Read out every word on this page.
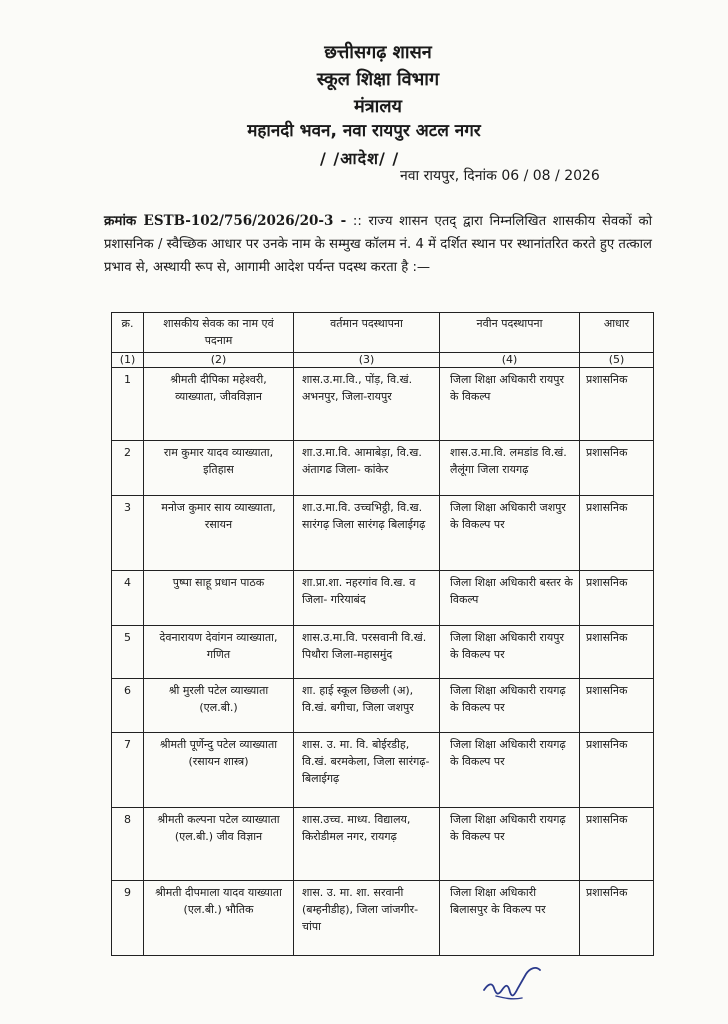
छत्तीसगढ़ शासन
स्कूल शिक्षा विभाग
मंत्रालय
महानदी भवन, नवा रायपुर अटल नगर
/ /आदेश/ /
नवा रायपुर, दिनांक 06 / 08 / 2026
क्रमांक ESTB-102/756/2026/20-3 - :: राज्य शासन एतद् द्वारा निम्नलिखित शासकीय सेवकों को प्रशासनिक / स्वैच्छिक आधार पर उनके नाम के सम्मुख कॉलम नं. 4 में दर्शित स्थान पर स्थानांतरित करते हुए तत्काल प्रभाव से, अस्थायी रूप से, आगामी आदेश पर्यन्त पदस्थ करता है :—
क्र.	शासकीय सेवक का नाम एवं पदनाम	वर्तमान पदस्थापना	नवीन पदस्थापना	आधार
(1)	(2)	(3)	(4)	(5)
1	श्रीमती दीपिका महेश्वरी, व्याख्याता, जीवविज्ञान	शास.उ.मा.वि., पोंड़, वि.खं. अभनपुर, जिला-रायपुर	जिला शिक्षा अधिकारी रायपुर के विकल्प	प्रशासनिक
2	राम कुमार यादव व्याख्याता, इतिहास	शा.उ.मा.वि. आमाबेड़ा, वि.ख. अंतागढ जिला- कांकेर	शास.उ.मा.वि. लमडांड वि.खं. लैलूंगा जिला रायगढ़	प्रशासनिक
3	मनोज कुमार साय व्याख्याता, रसायन	शा.उ.मा.वि. उच्चभिट्ठी, वि.ख. सारंगढ़ जिला सारंगढ़ बिलाईगढ़	जिला शिक्षा अधिकारी जशपुर के विकल्प पर	प्रशासनिक
4	पुष्पा साहू प्रधान पाठक	शा.प्रा.शा. नहरगांव वि.ख. व जिला- गरियाबंद	जिला शिक्षा अधिकारी बस्तर के विकल्प	प्रशासनिक
5	देवनारायण देवांगन व्याख्याता, गणित	शास.उ.मा.वि. परसवानी वि.खं. पिथौरा जिला-महासमुंद	जिला शिक्षा अधिकारी रायपुर के विकल्प पर	प्रशासनिक
6	श्री मुरली पटेल व्याख्याता (एल.बी.)	शा. हाई स्कूल छिछली (अ), वि.खं. बगीचा, जिला जशपुर	जिला शिक्षा अधिकारी रायगढ़ के विकल्प पर	प्रशासनिक
7	श्रीमती पूर्णेन्दु पटेल व्याख्याता (रसायन शास्त्र)	शास. उ. मा. वि. बोईरडीह, वि.खं. बरमकेला, जिला सारंगढ़-बिलाईगढ़	जिला शिक्षा अधिकारी रायगढ़ के विकल्प पर	प्रशासनिक
8	श्रीमती कल्पना पटेल व्याख्याता (एल.बी.) जीव विज्ञान	शास.उच्च. माध्य. विद्यालय, किरोडीमल नगर, रायगढ़	जिला शिक्षा अधिकारी रायगढ़ के विकल्प पर	प्रशासनिक
9	श्रीमती दीपमाला यादव याख्याता (एल.बी.) भौतिक	शास. उ. मा. शा. सरवानी (बम्हनीडीह), जिला जांजगीर-चांपा	जिला शिक्षा अधिकारी बिलासपुर के विकल्प पर	प्रशासनिक
